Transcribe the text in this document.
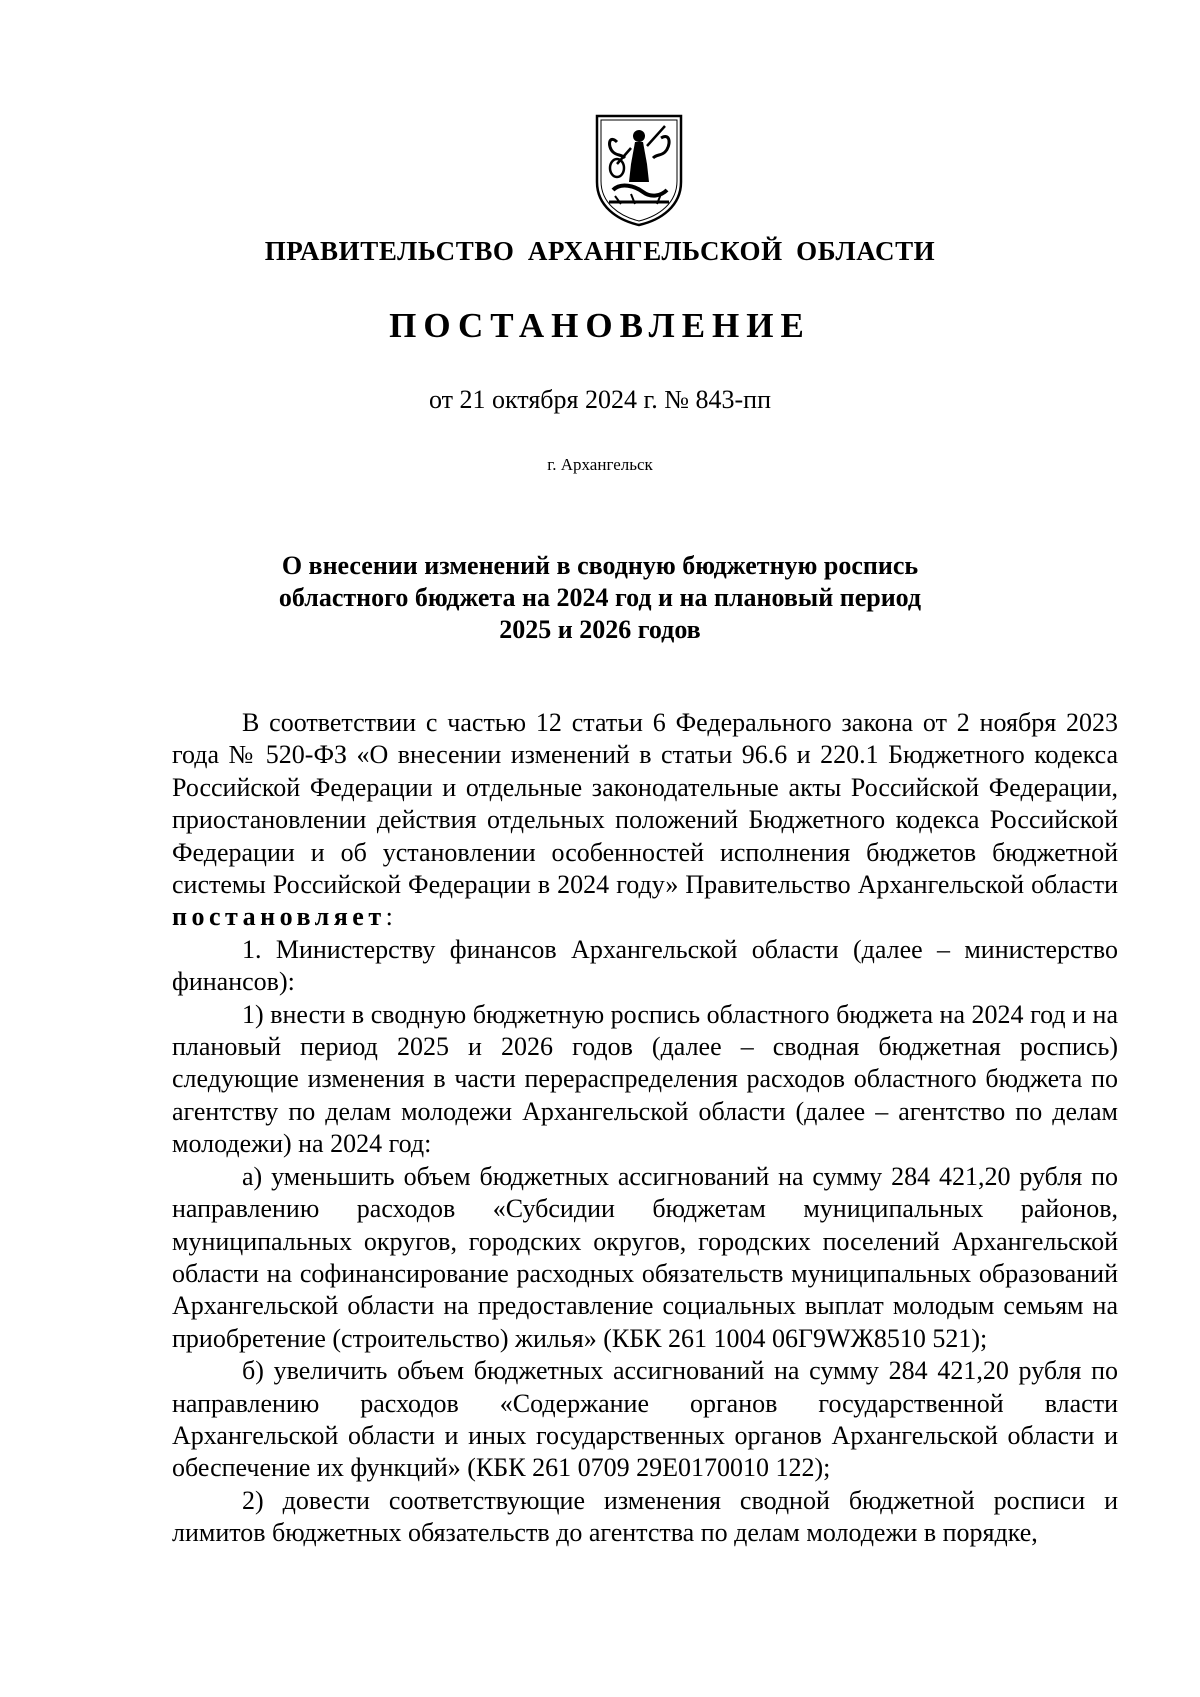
ПРАВИТЕЛЬСТВО АРХАНГЕЛЬСКОЙ ОБЛАСТИ
ПОСТАНОВЛЕНИЕ
от 21 октября 2024 г. № 843-пп
г. Архангельск
О внесении изменений в сводную бюджетную роспись
областного бюджета на 2024 год и на плановый период
2025 и 2026 годов

В соответствии с частью 12 статьи 6 Федерального закона от 2 ноября 2023 года № 520-ФЗ «О внесении изменений в статьи 96.6 и 220.1 Бюджетного кодекса Российской Федерации и отдельные законодательные акты Российской Федерации, приостановлении действия отдельных положений Бюджетного кодекса Российской Федерации и об установлении особенностей исполнения бюджетов бюджетной системы Российской Федерации в 2024 году» Правительство Архангельской области постановляет:

1. Министерству финансов Архангельской области (далее – министерство финансов):

1) внести в сводную бюджетную роспись областного бюджета на 2024 год и на плановый период 2025 и 2026 годов (далее – сводная бюджетная роспись) следующие изменения в части перераспределения расходов областного бюджета по агентству по делам молодежи Архангельской области (далее – агентство по делам молодежи) на 2024 год:

а) уменьшить объем бюджетных ассигнований на сумму 284 421,20 рубля по направлению расходов «Субсидии бюджетам муниципальных районов, муниципальных округов, городских округов, городских поселений Архангельской области на софинансирование расходных обязательств муниципальных образований Архангельской области на предоставление социальных выплат молодым семьям на приобретение (строительство) жилья» (КБК 261 1004 06Г9WЖ8510 521);

б) увеличить объем бюджетных ассигнований на сумму 284 421,20 рубля по направлению расходов «Содержание органов государственной власти Архангельской области и иных государственных органов Архангельской области и обеспечение их функций» (КБК 261 0709 29Е0170010 122);

2) довести соответствующие изменения сводной бюджетной росписи и лимитов бюджетных обязательств до агентства по делам молодежи в порядке,
